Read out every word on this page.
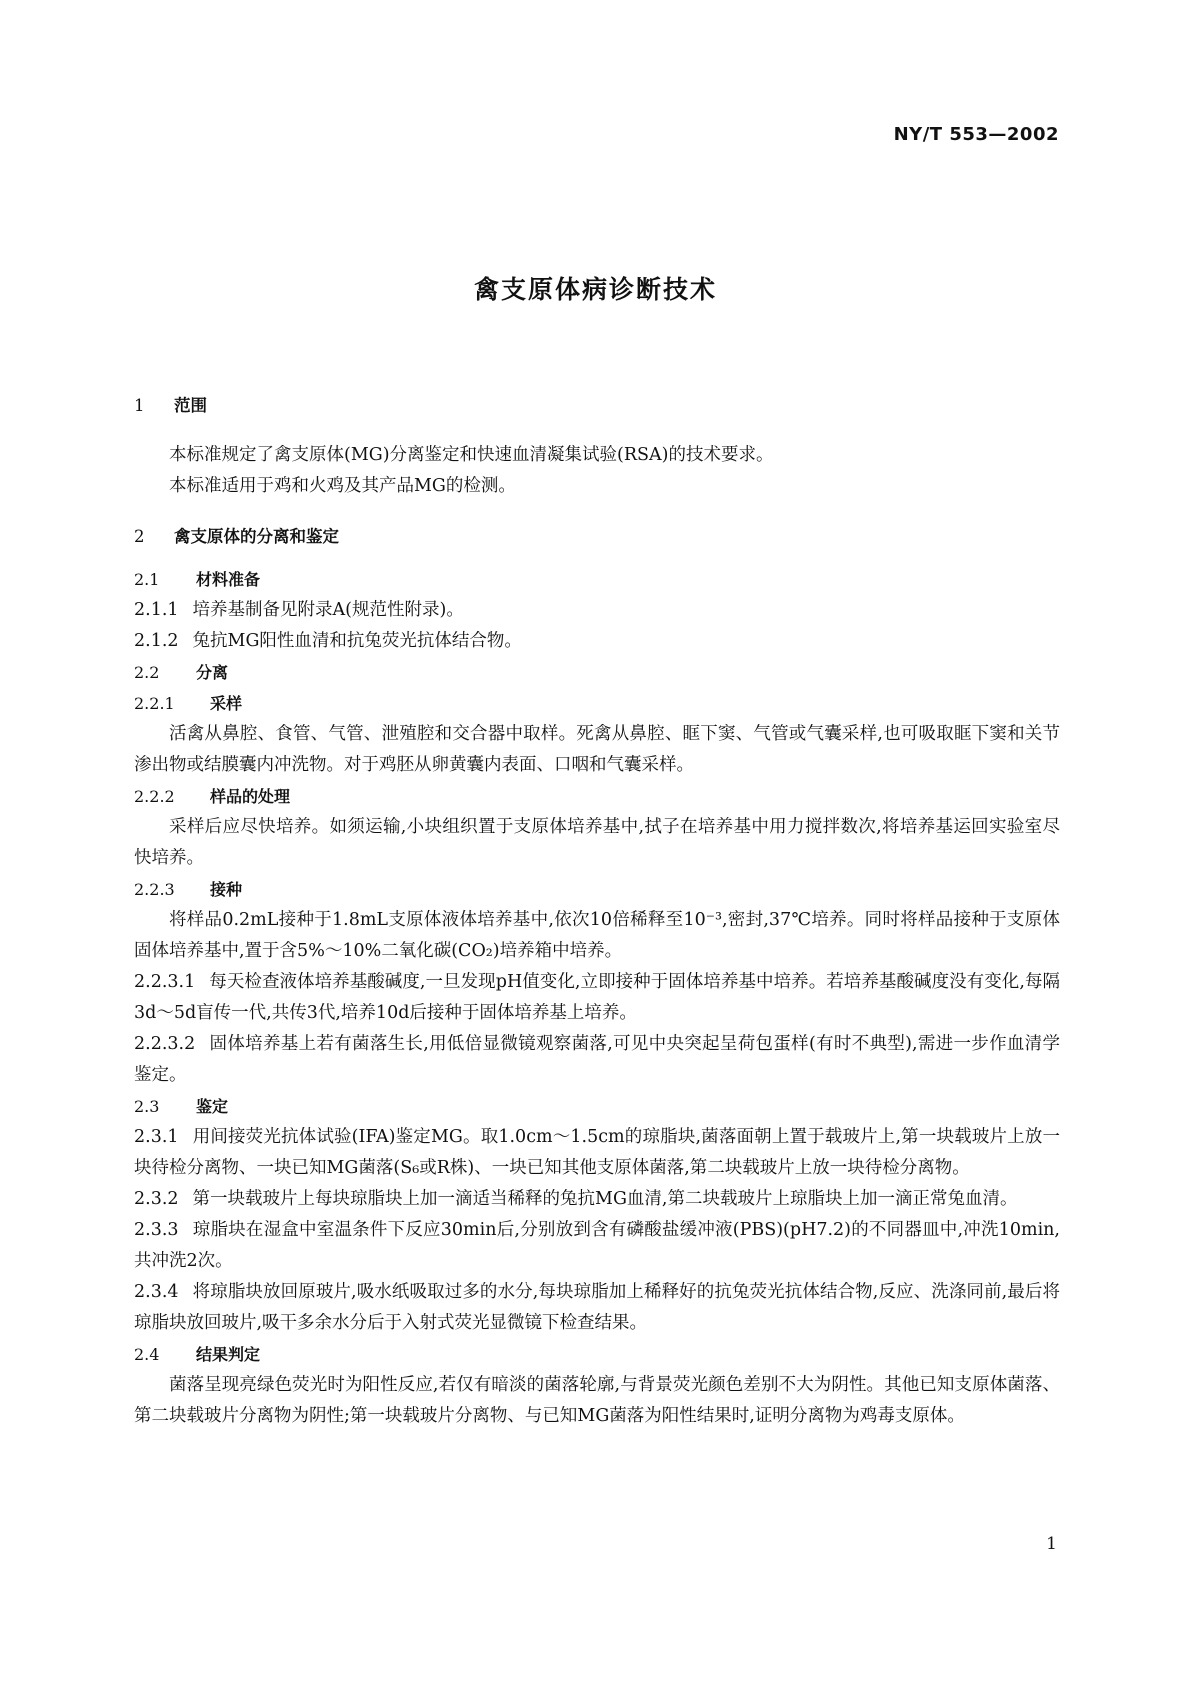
NY/T 553—2002
禽支原体病诊断技术
1 范围
本标准规定了禽支原体(MG)分离鉴定和快速血清凝集试验(RSA)的技术要求。
本标准适用于鸡和火鸡及其产品MG的检测。
2 禽支原体的分离和鉴定
2.1 材料准备
2.1.1 培养基制备见附录A(规范性附录)。
2.1.2 兔抗MG阳性血清和抗兔荧光抗体结合物。
2.2 分离
2.2.1 采样
活禽从鼻腔、食管、气管、泄殖腔和交合器中取样。死禽从鼻腔、眶下窦、气管或气囊采样,也可吸取眶下窦和关节渗出物或结膜囊内冲洗物。对于鸡胚从卵黄囊内表面、口咽和气囊采样。
2.2.2 样品的处理
采样后应尽快培养。如须运输,小块组织置于支原体培养基中,拭子在培养基中用力搅拌数次,将培养基运回实验室尽快培养。
2.2.3 接种
将样品0.2mL接种于1.8mL支原体液体培养基中,依次10倍稀释至10⁻³,密封,37℃培养。同时将样品接种于支原体固体培养基中,置于含5%～10%二氧化碳(CO₂)培养箱中培养。
2.2.3.1 每天检查液体培养基酸碱度,一旦发现pH值变化,立即接种于固体培养基中培养。若培养基酸碱度没有变化,每隔3d～5d盲传一代,共传3代,培养10d后接种于固体培养基上培养。
2.2.3.2 固体培养基上若有菌落生长,用低倍显微镜观察菌落,可见中央突起呈荷包蛋样(有时不典型),需进一步作血清学鉴定。
2.3 鉴定
2.3.1 用间接荧光抗体试验(IFA)鉴定MG。取1.0cm～1.5cm的琼脂块,菌落面朝上置于载玻片上,第一块载玻片上放一块待检分离物、一块已知MG菌落(S₆或R株)、一块已知其他支原体菌落,第二块载玻片上放一块待检分离物。
2.3.2 第一块载玻片上每块琼脂块上加一滴适当稀释的兔抗MG血清,第二块载玻片上琼脂块上加一滴正常兔血清。
2.3.3 琼脂块在湿盒中室温条件下反应30min后,分别放到含有磷酸盐缓冲液(PBS)(pH7.2)的不同器皿中,冲洗10min,共冲洗2次。
2.3.4 将琼脂块放回原玻片,吸水纸吸取过多的水分,每块琼脂加上稀释好的抗兔荧光抗体结合物,反应、洗涤同前,最后将琼脂块放回玻片,吸干多余水分后于入射式荧光显微镜下检查结果。
2.4 结果判定
菌落呈现亮绿色荧光时为阳性反应,若仅有暗淡的菌落轮廓,与背景荧光颜色差别不大为阴性。其他已知支原体菌落、第二块载玻片分离物为阴性;第一块载玻片分离物、与已知MG菌落为阳性结果时,证明分离物为鸡毒支原体。
1
